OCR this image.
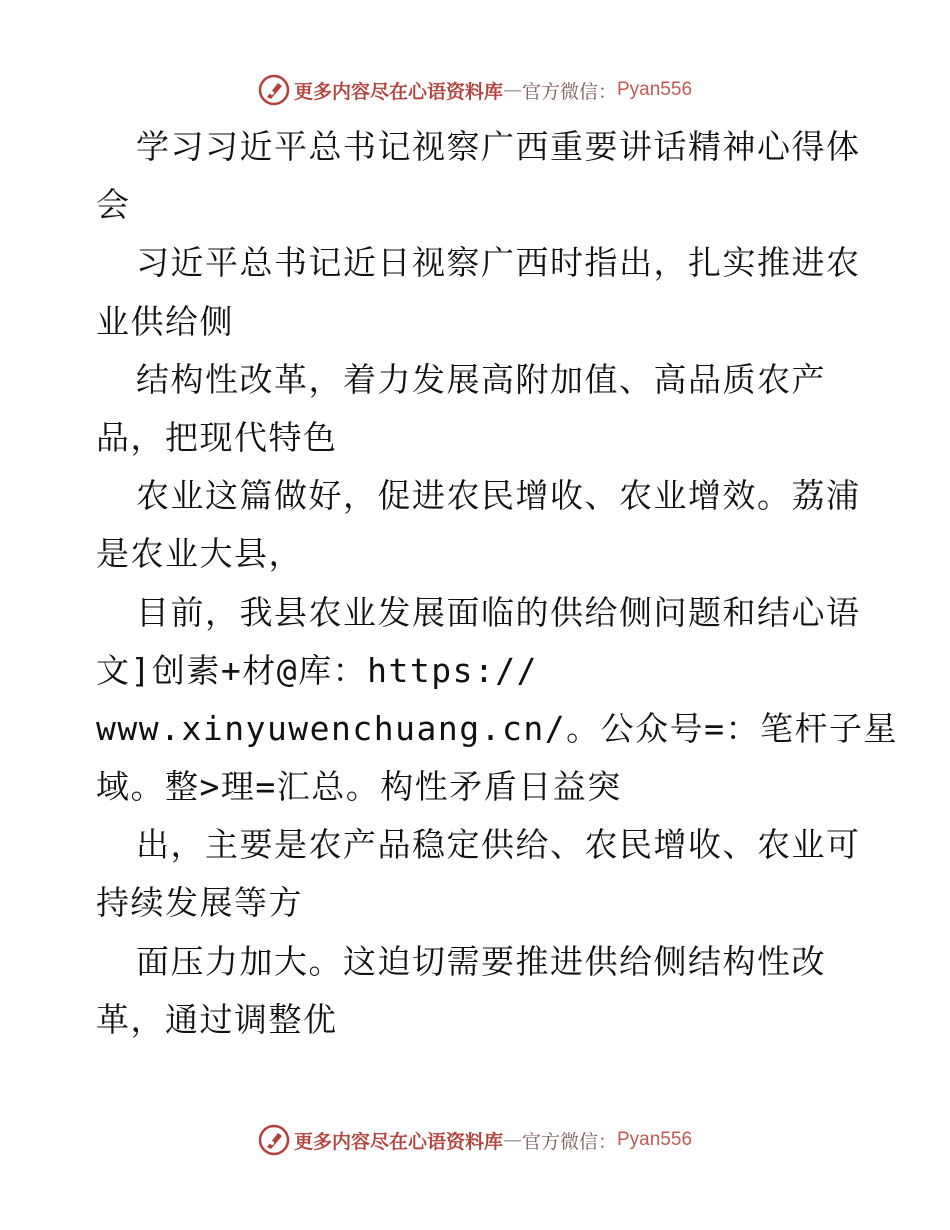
更多内容尽在心语资料库 — 官方微信： Pyan556
学习习近平总书记视察广西重要讲话精神心得体
会
习近平总书记近日视察广西时指出，扎实推进农
业供给侧
结构性改革，着力发展高附加值、高品质农产
品，把现代特色
农业这篇做好，促进农民增收、农业增效。荔浦
是农业大县，
目前，我县农业发展面临的供给侧问题和结心语
文]创素+材@库：https://
www.xinyuwenchuang.cn/。公众号=：笔杆子星
域。整>理=汇总。构性矛盾日益突
出，主要是农产品稳定供给、农民增收、农业可
持续发展等方
面压力加大。这迫切需要推进供给侧结构性改
革，通过调整优
更多内容尽在心语资料库 — 官方微信： Pyan556
